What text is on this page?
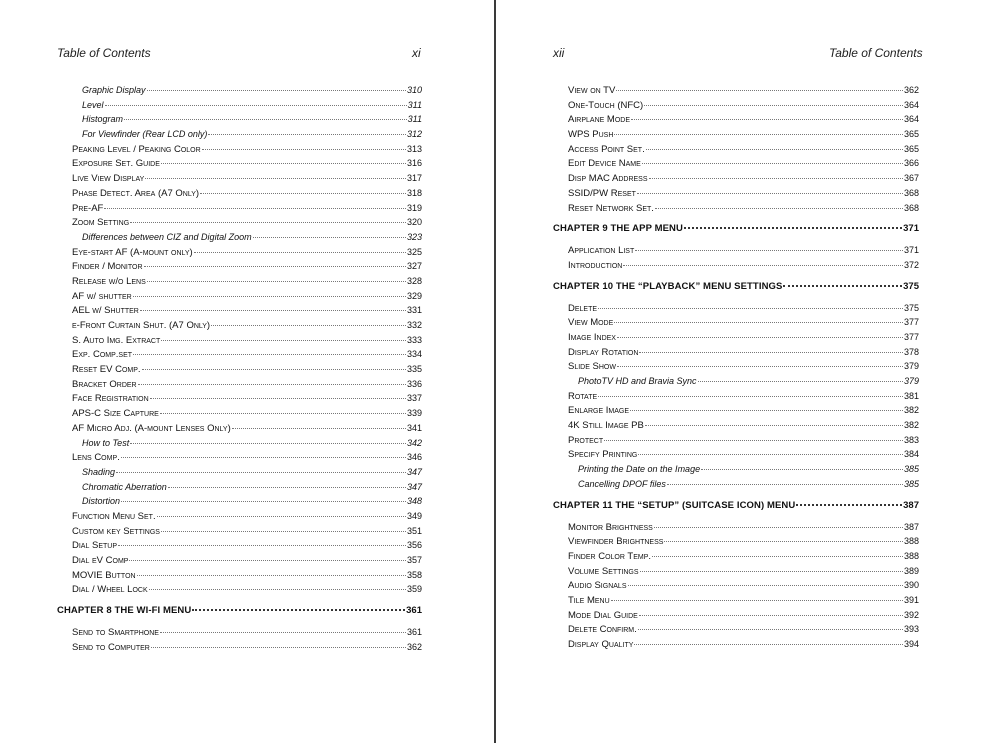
Table of Contents	xi
Graphic Display	310
Level	311
Histogram	311
For Viewfinder (Rear LCD only)	312
Peaking Level / Peaking Color	313
Exposure Set. Guide	316
Live View Display	317
Phase Detect. Area (A7 Only)	318
Pre-AF	319
Zoom Setting	320
Differences between CIZ and Digital Zoom	323
Eye-start AF (A-mount only)	325
Finder / Monitor	327
Release w/o Lens	328
AF w/ shutter	329
AEL w/ Shutter	331
e-Front Curtain Shut. (A7 Only)	332
S. Auto Img. Extract	333
Exp. Comp.set	334
Reset EV Comp.	335
Bracket Order	336
Face Registration	337
APS-C Size Capture	339
AF Micro Adj. (A-mount Lenses Only)	341
How to Test	342
Lens Comp.	346
Shading	347
Chromatic Aberration	347
Distortion	348
Function Menu Set.	349
Custom key Settings	351
Dial Setup	356
Dial eV Comp	357
MOVIE Button	358
Dial / Wheel Lock	359
CHAPTER 8 THE WI-FI MENU	361
Send to Smartphone	361
Send to Computer	362
xii	Table of Contents
View on TV	362
One-Touch (NFC)	364
Airplane Mode	364
WPS Push	365
Access Point Set.	365
Edit Device Name	366
Disp MAC Address	367
SSID/PW Reset	368
Reset Network Set.	368
CHAPTER 9 THE APP MENU	371
Application List	371
Introduction	372
CHAPTER 10 THE “PLAYBACK” MENU SETTINGS	375
Delete	375
View Mode	377
Image Index	377
Display Rotation	378
Slide Show	379
PhotoTV HD and Bravia Sync	379
Rotate	381
Enlarge Image	382
4K Still Image PB	382
Protect	383
Specify Printing	384
Printing the Date on the Image	385
Cancelling DPOF files	385
CHAPTER 11 THE “SETUP” (SUITCASE ICON) MENU	387
Monitor Brightness	387
Viewfinder Brightness	388
Finder Color Temp.	388
Volume Settings	389
Audio Signals	390
Tile Menu	391
Mode Dial Guide	392
Delete Confirm.	393
Display Quality	394
